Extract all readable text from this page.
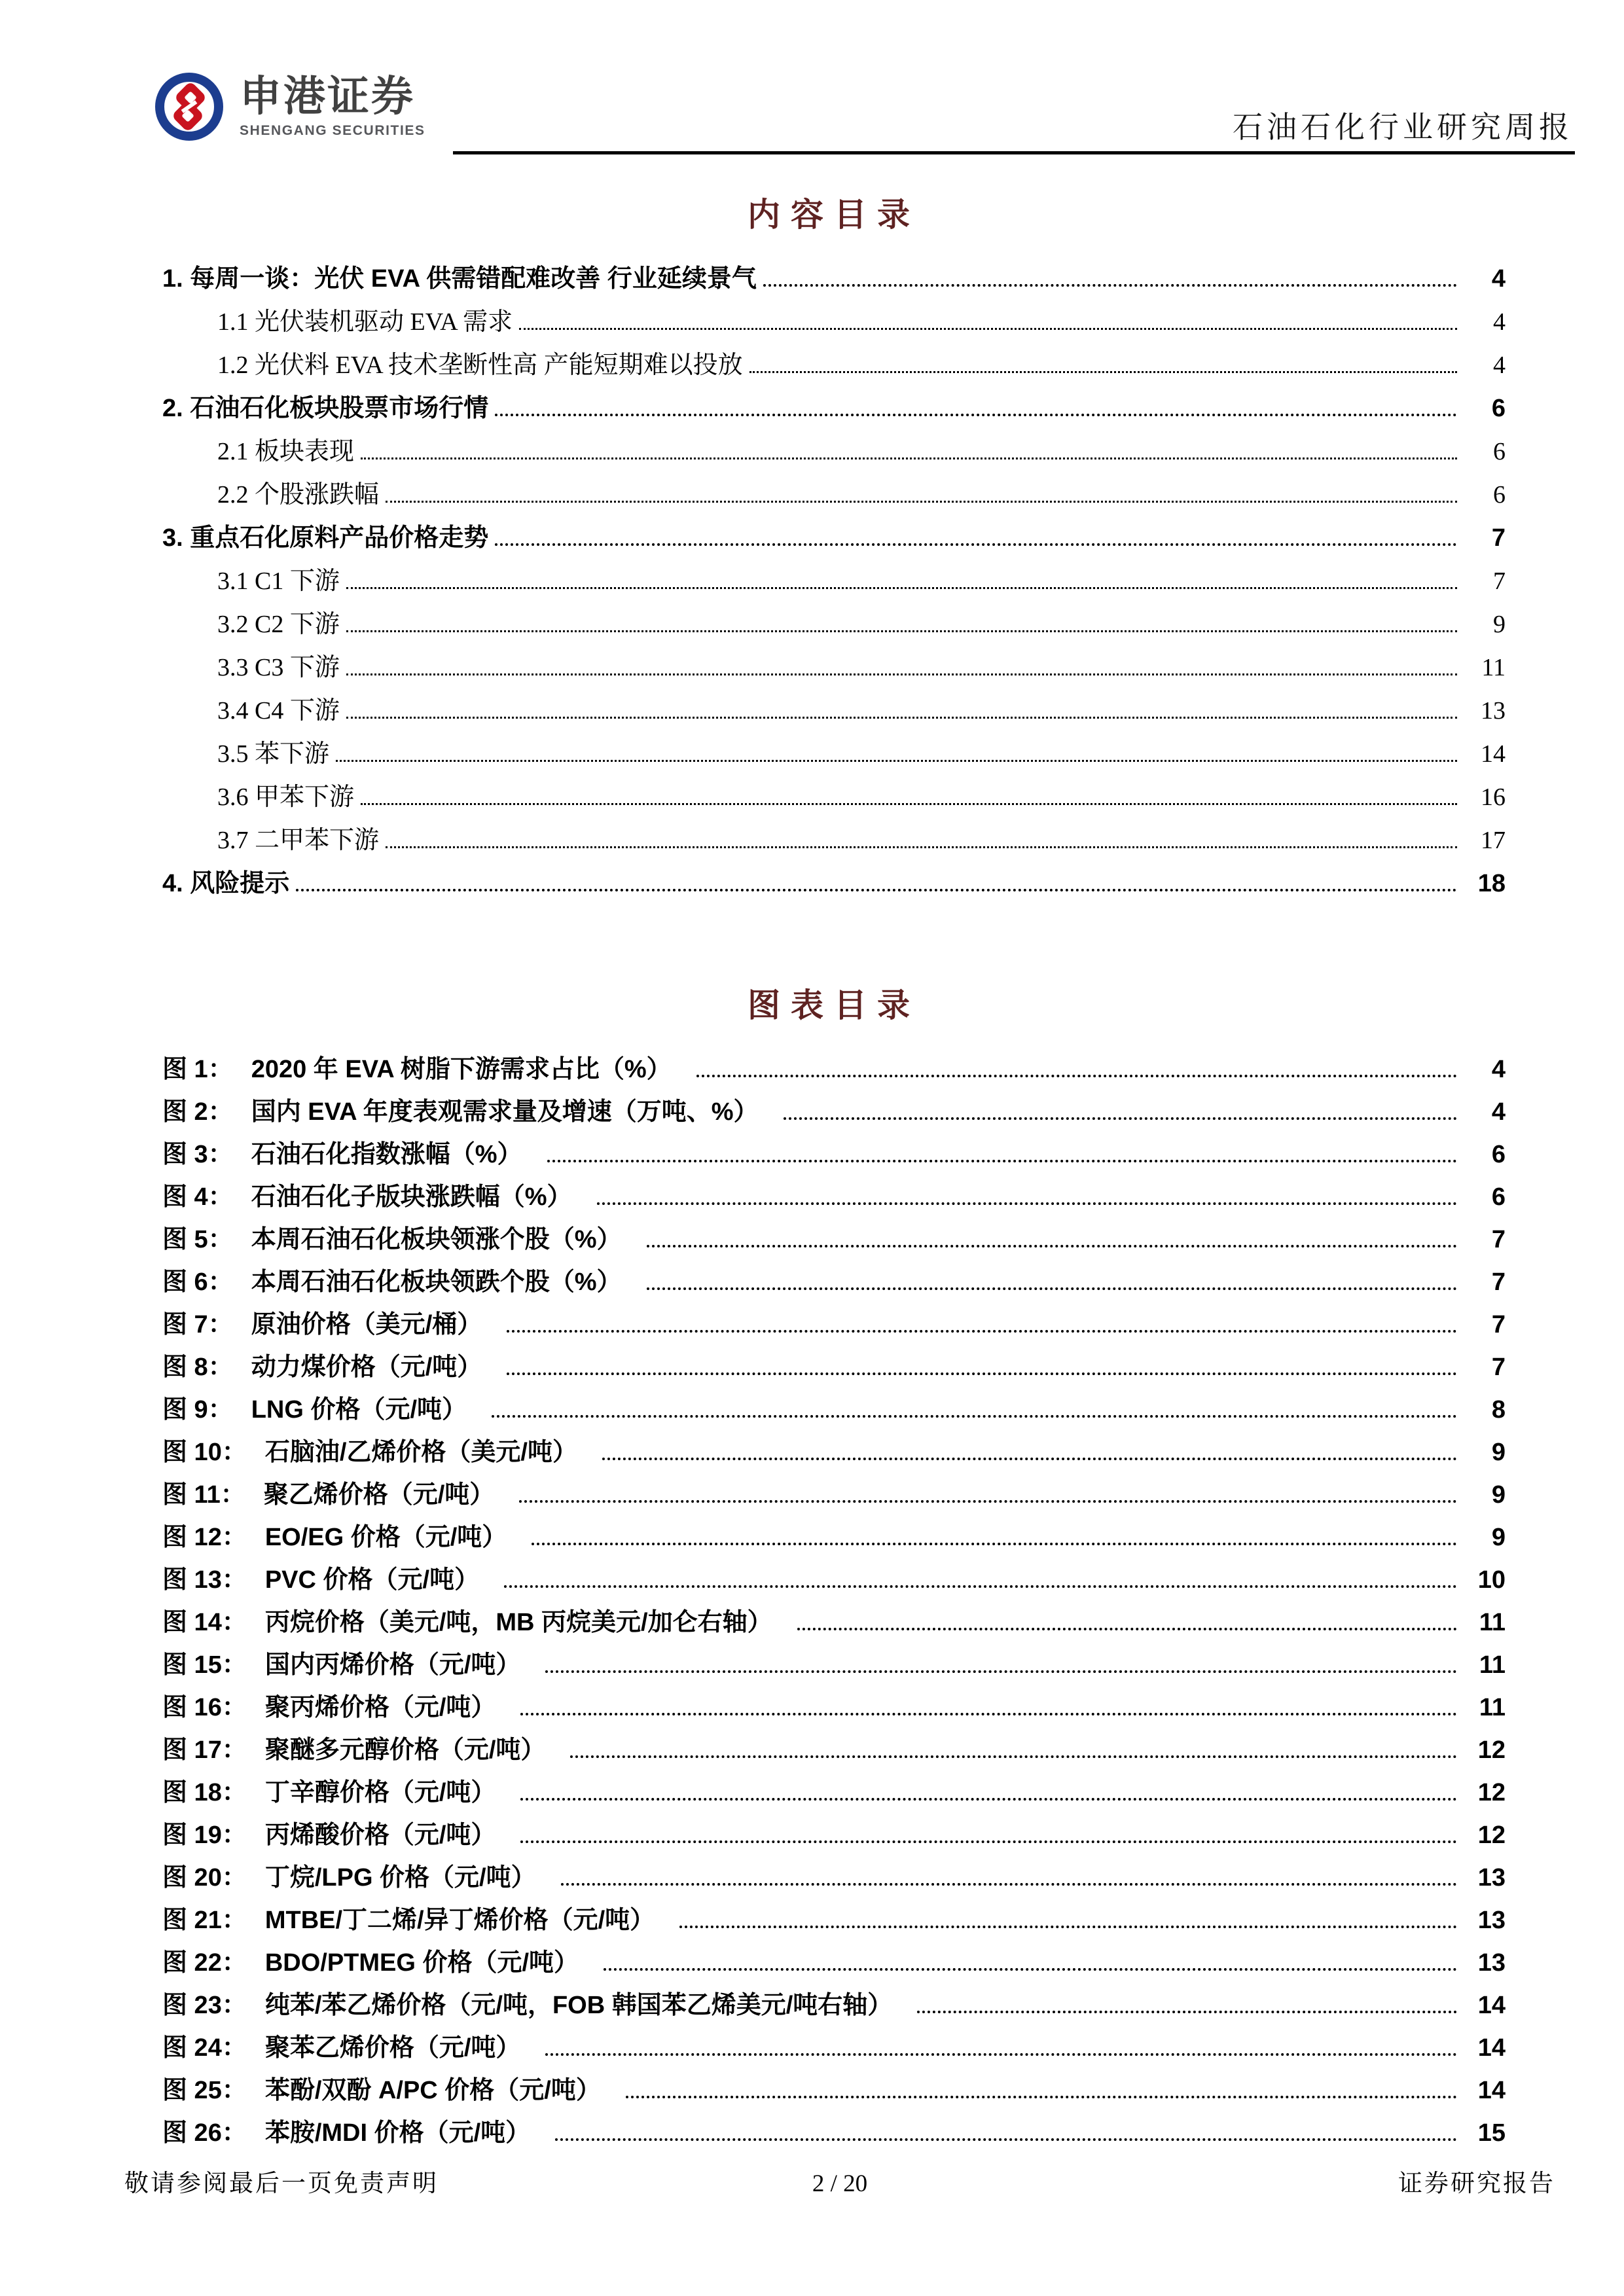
申港证券
SHENGANG SECURITIES	石油石化行业研究周报
内容目录
1. 每周一谈：光伏 EVA 供需错配难改善 行业延续景气	4
1.1 光伏装机驱动 EVA 需求	4
1.2 光伏料 EVA 技术垄断性高 产能短期难以投放	4
2. 石油石化板块股票市场行情	6
2.1 板块表现	6
2.2 个股涨跌幅	6
3. 重点石化原料产品价格走势	7
3.1 C1 下游	7
3.2 C2 下游	9
3.3 C3 下游	11
3.4 C4 下游	13
3.5 苯下游	14
3.6 甲苯下游	16
3.7 二甲苯下游	17
4. 风险提示	18
图表目录
图 1： 2020 年 EVA 树脂下游需求占比（%）	4
图 2： 国内 EVA 年度表观需求量及增速（万吨、%）	4
图 3： 石油石化指数涨幅（%）	6
图 4： 石油石化子版块涨跌幅（%）	6
图 5： 本周石油石化板块领涨个股（%）	7
图 6： 本周石油石化板块领跌个股（%）	7
图 7： 原油价格（美元/桶）	7
图 8： 动力煤价格（元/吨）	7
图 9： LNG 价格（元/吨）	8
图 10： 石脑油/乙烯价格（美元/吨）	9
图 11： 聚乙烯价格（元/吨）	9
图 12： EO/EG 价格（元/吨）	9
图 13： PVC 价格（元/吨）	10
图 14： 丙烷价格（美元/吨，MB 丙烷美元/加仑右轴）	11
图 15： 国内丙烯价格（元/吨）	11
图 16： 聚丙烯价格（元/吨）	11
图 17： 聚醚多元醇价格（元/吨）	12
图 18： 丁辛醇价格（元/吨）	12
图 19： 丙烯酸价格（元/吨）	12
图 20： 丁烷/LPG 价格（元/吨）	13
图 21： MTBE/丁二烯/异丁烯价格（元/吨）	13
图 22： BDO/PTMEG 价格（元/吨）	13
图 23： 纯苯/苯乙烯价格（元/吨，FOB 韩国苯乙烯美元/吨右轴）	14
图 24： 聚苯乙烯价格（元/吨）	14
图 25： 苯酚/双酚 A/PC 价格（元/吨）	14
图 26： 苯胺/MDI 价格（元/吨）	15
敬请参阅最后一页免责声明	2 / 20	证券研究报告
